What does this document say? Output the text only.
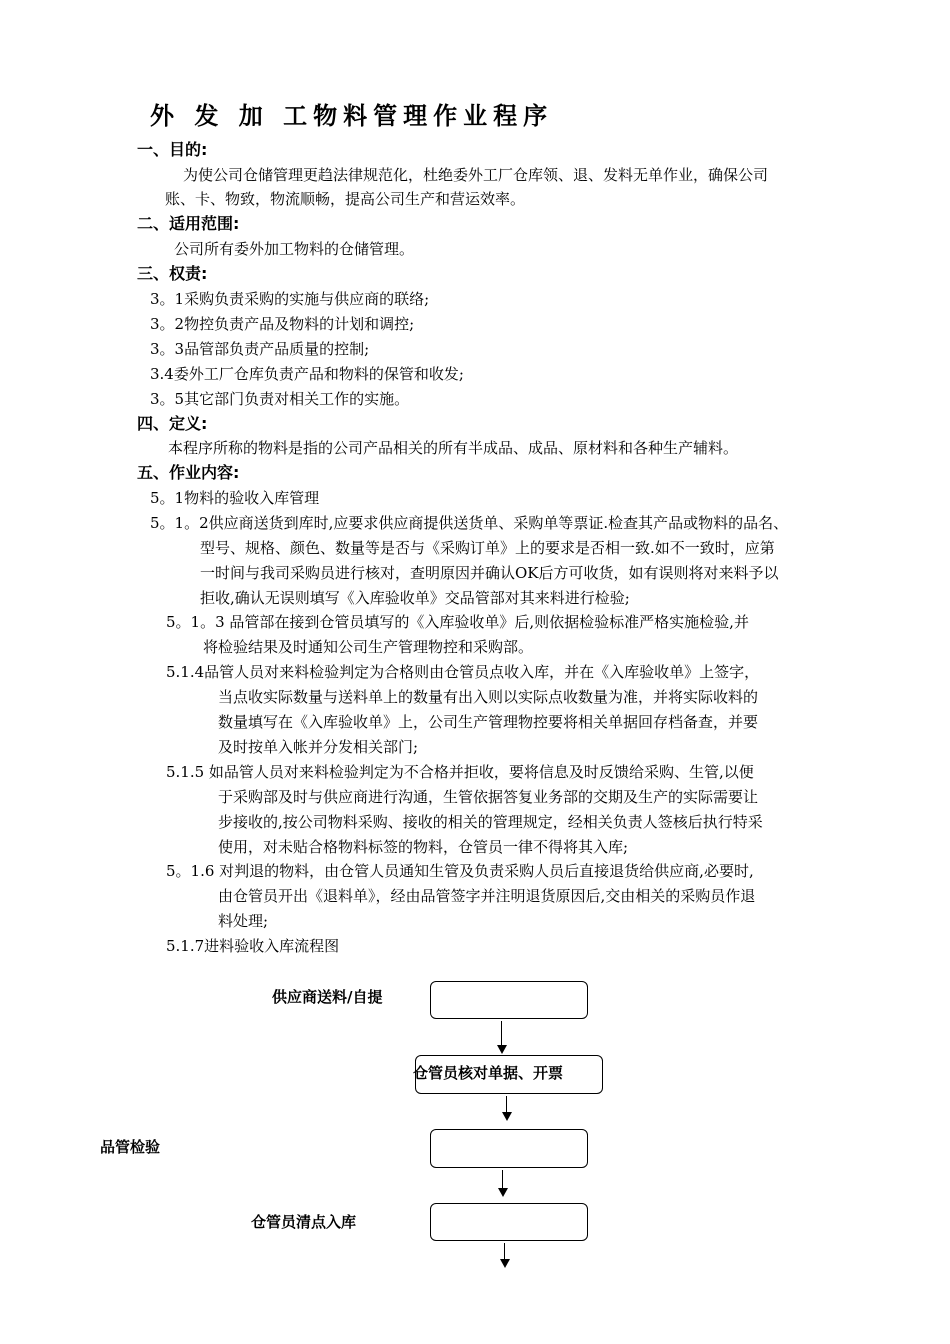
外 发 加 工物料管理作业程序
一、目的:
为使公司仓储管理更趋法律规范化，杜绝委外工厂仓库领、退、发料无单作业，确保公司
账、卡、物致，物流顺畅，提高公司生产和营运效率。
二、适用范围:
公司所有委外加工物料的仓储管理。
三、权责:
3。1采购负责采购的实施与供应商的联络;
3。2物控负责产品及物料的计划和调控;
3。3品管部负责产品质量的控制;
3.4委外工厂仓库负责产品和物料的保管和收发;
3。5其它部门负责对相关工作的实施。
四、定义:
本程序所称的物料是指的公司产品相关的所有半成品、成品、原材料和各种生产辅料。
五、作业内容:
5。1物料的验收入库管理
5。1。2供应商送货到库时,应要求供应商提供送货单、采购单等票证.检查其产品或物料的品名、
型号、规格、颜色、数量等是否与《采购订单》上的要求是否相一致.如不一致时，应第
一时间与我司采购员进行核对，查明原因并确认OK后方可收货，如有误则将对来料予以
拒收,确认无误则填写《入库验收单》交品管部对其来料进行检验;
5。1。3 品管部在接到仓管员填写的《入库验收单》后,则依据检验标准严格实施检验,并
将检验结果及时通知公司生产管理物控和采购部。
5.1.4品管人员对来料检验判定为合格则由仓管员点收入库，并在《入库验收单》上签字，
当点收实际数量与送料单上的数量有出入则以实际点收数量为准，并将实际收料的
数量填写在《入库验收单》上，公司生产管理物控要将相关单据回存档备查，并要
及时按单入帐并分发相关部门;
5.1.5 如品管人员对来料检验判定为不合格并拒收，要将信息及时反馈给采购、生管,以便
于采购部及时与供应商进行沟通，生管依据答复业务部的交期及生产的实际需要让
步接收的,按公司物料采购、接收的相关的管理规定，经相关负责人签核后执行特采
使用，对未贴合格物料标签的物料，仓管员一律不得将其入库;
5。1.6 对判退的物料，由仓管人员通知生管及负责采购人员后直接退货给供应商,必要时,
由仓管员开出《退料单》，经由品管签字并注明退货原因后,交由相关的采购员作退
料处理;
5.1.7进料验收入库流程图
供应商送料/自提
仓管员核对单据、开票
品管检验
仓管员清点入库
